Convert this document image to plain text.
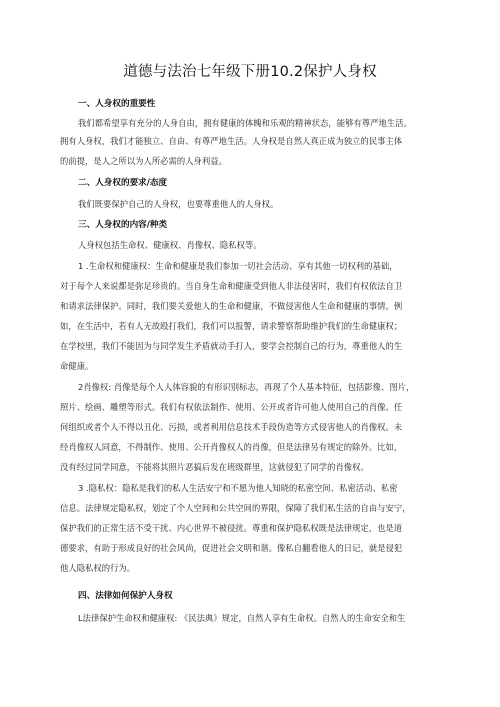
道德与法治七年级下册10.2保护人身权
一、人身权的重要性
我们都希望享有充分的人身自由，拥有健康的体魄和乐观的精神状态，能够有尊严地生活。
拥有人身权，我们才能独立、自由、有尊严地生活。人身权是自然人真正成为独立的民事主体
的前提，是人之所以为人所必需的人身利益。
二、人身权的要求/态度
我们既要保护自己的人身权，也要尊重他人的人身权。
三、人身权的内容/种类
人身权包括生命权、健康权、肖像权、隐私权等。
1 .生命权和健康权：生命和健康是我们参加一切社会活动、享有其他一切权利的基础，
对于每个人来说都是弥足珍贵的。当自身生命和健康受到他人非法侵害时，我们有权依法自卫
和请求法律保护。同时，我们要关爱他人的生命和健康，不做侵害他人生命和健康的事情。例
如，在生活中，若有人无故殴打我们，我们可以报警，请求警察帮助维护我们的生命健康权；
在学校里，我们不能因为与同学发生矛盾就动手打人，要学会控制自己的行为，尊重他人的生
命健康。
2肖像权: 肖像是每个人人体容貌的有形识别标志，再现了个人基本特征，包括影像、图片，
照片、绘画、雕塑等形式。我们有权依法制作、使用、公开或者许可他人使用自己的肖像。任
何组织或者个人不得以丑化、污损，或者利用信息技术手段伪造等方式侵害他人的肖像权。未
经肖像权人同意，不得制作、使用、公开肖像权人的肖像，但是法律另有规定的除外。比如，
没有经过同学同意，不能将其照片恶搞后发在班级群里，这就侵犯了同学的肖像权。
3 .隐私权：隐私是我们的私人生活安宁和不愿为他人知晓的私密空间、私密活动、私密
信息。法律规定隐私权，划定了个人空间和公共空间的界限，保障了我们私生活的自由与安宁，
保护我们的正常生活不受干扰、内心世界不被侵扰。尊重和保护隐私权既是法律规定，也是道
德要求，有助于形成良好的社会风尚，促进社会文明和谐。像私自翻看他人的日记，就是侵犯
他人隐私权的行为。
四、法律如何保护人身权
L法律保护生命权和健康权: 《民法典》规定，自然人享有生命权。自然人的生命安全和生
